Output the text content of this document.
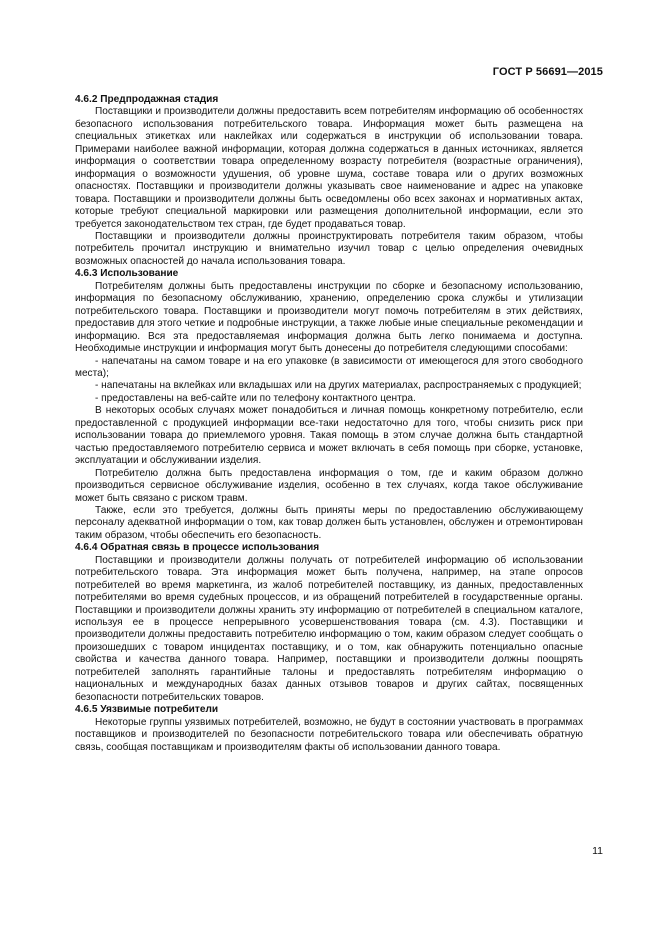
ГОСТ Р 56691—2015
4.6.2 Предпродажная стадия

Поставщики и производители должны предоставить всем потребителям информацию об особенностях безопасного использования потребительского товара. Информация может быть размещена на специальных этикетках или наклейках или содержаться в инструкции об использовании товара. Примерами наиболее важной информации, которая должна содержаться в данных источниках, является информация о соответствии товара определенному возрасту потребителя (возрастные ограничения), информация о возможности удушения, об уровне шума, составе товара или о других возможных опасностях. Поставщики и производители должны указывать свое наименование и адрес на упаковке товара. Поставщики и производители должны быть осведомлены обо всех законах и нормативных актах, которые требуют специальной маркировки или размещения дополнительной информации, если это требуется законодательством тех стран, где будет продаваться товар.

Поставщики и производители должны проинструктировать потребителя таким образом, чтобы потребитель прочитал инструкцию и внимательно изучил товар с целью определения очевидных возможных опасностей до начала использования товара.

4.6.3 Использование

Потребителям должны быть предоставлены инструкции по сборке и безопасному использованию, информация по безопасному обслуживанию, хранению, определению срока службы и утилизации потребительского товара. Поставщики и производители могут помочь потребителям в этих действиях, предоставив для этого четкие и подробные инструкции, а также любые иные специальные рекомендации и информацию. Вся эта предоставляемая информация должна быть легко понимаема и доступна. Необходимые инструкции и информация могут быть донесены до потребителя следующими способами:

- напечатаны на самом товаре и на его упаковке (в зависимости от имеющегося для этого свободного места);
- напечатаны на вклейках или вкладышах или на других материалах, распространяемых с продукцией;
- предоставлены на веб-сайте или по телефону контактного центра.

В некоторых особых случаях может понадобиться и личная помощь конкретному потребителю, если предоставленной с продукцией информации все-таки недостаточно для того, чтобы снизить риск при использовании товара до приемлемого уровня. Такая помощь в этом случае должна быть стандартной частью предоставляемого потребителю сервиса и может включать в себя помощь при сборке, установке, эксплуатации и обслуживании изделия.

Потребителю должна быть предоставлена информация о том, где и каким образом должно производиться сервисное обслуживание изделия, особенно в тех случаях, когда такое обслуживание может быть связано с риском травм.

Также, если это требуется, должны быть приняты меры по предоставлению обслуживающему персоналу адекватной информации о том, как товар должен быть установлен, обслужен и отремонтирован таким образом, чтобы обеспечить его безопасность.

4.6.4 Обратная связь в процессе использования

Поставщики и производители должны получать от потребителей информацию об использовании потребительского товара. Эта информация может быть получена, например, на этапе опросов потребителей во время маркетинга, из жалоб потребителей поставщику, из данных, предоставленных потребителями во время судебных процессов, и из обращений потребителей в государственные органы. Поставщики и производители должны хранить эту информацию от потребителей в специальном каталоге, используя ее в процессе непрерывного усовершенствования товара (см. 4.3). Поставщики и производители должны предоставить потребителю информацию о том, каким образом следует сообщать о произошедших с товаром инцидентах поставщику, и о том, как обнаружить потенциально опасные свойства и качества данного товара. Например, поставщики и производители должны поощрять потребителей заполнять гарантийные талоны и предоставлять потребителям информацию о национальных и международных базах данных отзывов товаров и других сайтах, посвященных безопасности потребительских товаров.

4.6.5 Уязвимые потребители

Некоторые группы уязвимых потребителей, возможно, не будут в состоянии участвовать в программах поставщиков и производителей по безопасности потребительского товара или обеспечивать обратную связь, сообщая поставщикам и производителям факты об использовании данного товара.

11
